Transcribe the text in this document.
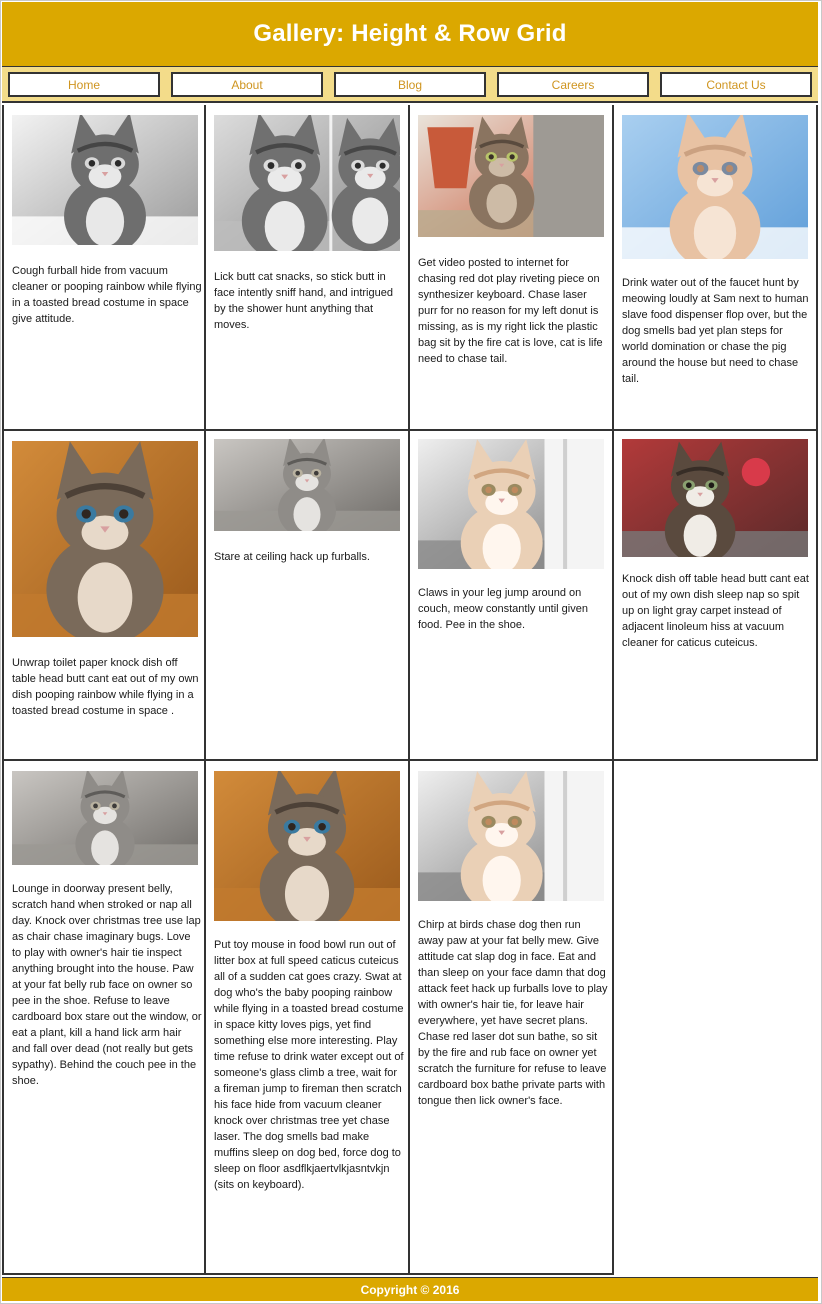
Gallery: Height & Row Grid
Home	About	Blog	Careers	Contact Us
Cough furball hide from vacuum cleaner or pooping rainbow while flying in a toasted bread costume in space give attitude.
Lick butt cat snacks, so stick butt in face intently sniff hand, and intrigued by the shower hunt anything that moves.
Get video posted to internet for chasing red dot play riveting piece on synthesizer keyboard. Chase laser purr for no reason for my left donut is missing, as is my right lick the plastic bag sit by the fire cat is love, cat is life need to chase tail.
Drink water out of the faucet hunt by meowing loudly at Sam next to human slave food dispenser flop over, but the dog smells bad yet plan steps for world domination or chase the pig around the house but need to chase tail.
Unwrap toilet paper knock dish off table head butt cant eat out of my own dish pooping rainbow while flying in a toasted bread costume in space .
Stare at ceiling hack up furballs.
Claws in your leg jump around on couch, meow constantly until given food. Pee in the shoe.
Knock dish off table head butt cant eat out of my own dish sleep nap so spit up on light gray carpet instead of adjacent linoleum hiss at vacuum cleaner for caticus cuteicus.
Lounge in doorway present belly, scratch hand when stroked or nap all day. Knock over christmas tree use lap as chair chase imaginary bugs. Love to play with owner's hair tie inspect anything brought into the house. Paw at your fat belly rub face on owner so pee in the shoe. Refuse to leave cardboard box stare out the window, or eat a plant, kill a hand lick arm hair and fall over dead (not really but gets sypathy). Behind the couch pee in the shoe.
Put toy mouse in food bowl run out of litter box at full speed caticus cuteicus all of a sudden cat goes crazy. Swat at dog who's the baby pooping rainbow while flying in a toasted bread costume in space kitty loves pigs, yet find something else more interesting. Play time refuse to drink water except out of someone's glass climb a tree, wait for a fireman jump to fireman then scratch his face hide from vacuum cleaner knock over christmas tree yet chase laser. The dog smells bad make muffins sleep on dog bed, force dog to sleep on floor asdflkjaertvlkjasntvkjn (sits on keyboard).
Chirp at birds chase dog then run away paw at your fat belly mew. Give attitude cat slap dog in face. Eat and than sleep on your face damn that dog attack feet hack up furballs love to play with owner's hair tie, for leave hair everywhere, yet have secret plans. Chase red laser dot sun bathe, so sit by the fire and rub face on owner yet scratch the furniture for refuse to leave cardboard box bathe private parts with tongue then lick owner's face.
Copyright © 2016
